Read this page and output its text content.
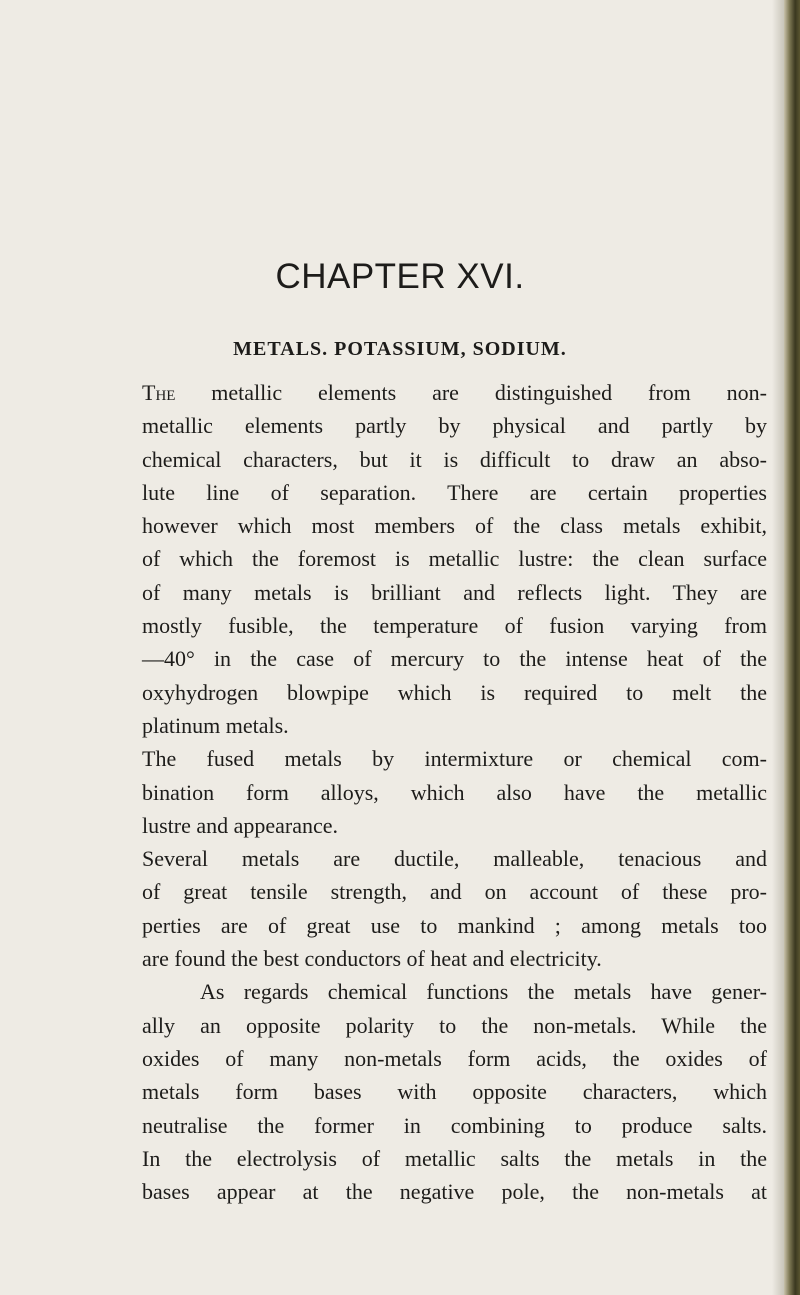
CHAPTER XVI.
METALS. POTASSIUM, SODIUM.
The metallic elements are distinguished from non-
metallic elements partly by physical and partly by
chemical characters, but it is difficult to draw an abso-
lute line of separation. There are certain properties
however which most members of the class metals exhibit,
of which the foremost is metallic lustre: the clean surface
of many metals is brilliant and reflects light. They are
mostly fusible, the temperature of fusion varying from
—40° in the case of mercury to the intense heat of the
oxyhydrogen blowpipe which is required to melt the
platinum metals.
The fused metals by intermixture or chemical com-
bination form alloys, which also have the metallic
lustre and appearance.
Several metals are ductile, malleable, tenacious and
of great tensile strength, and on account of these pro-
perties are of great use to mankind ; among metals too
are found the best conductors of heat and electricity.
As regards chemical functions the metals have gener-
ally an opposite polarity to the non-metals. While the
oxides of many non-metals form acids, the oxides of
metals form bases with opposite characters, which
neutralise the former in combining to produce salts.
In the electrolysis of metallic salts the metals in the
bases appear at the negative pole, the non-metals at
